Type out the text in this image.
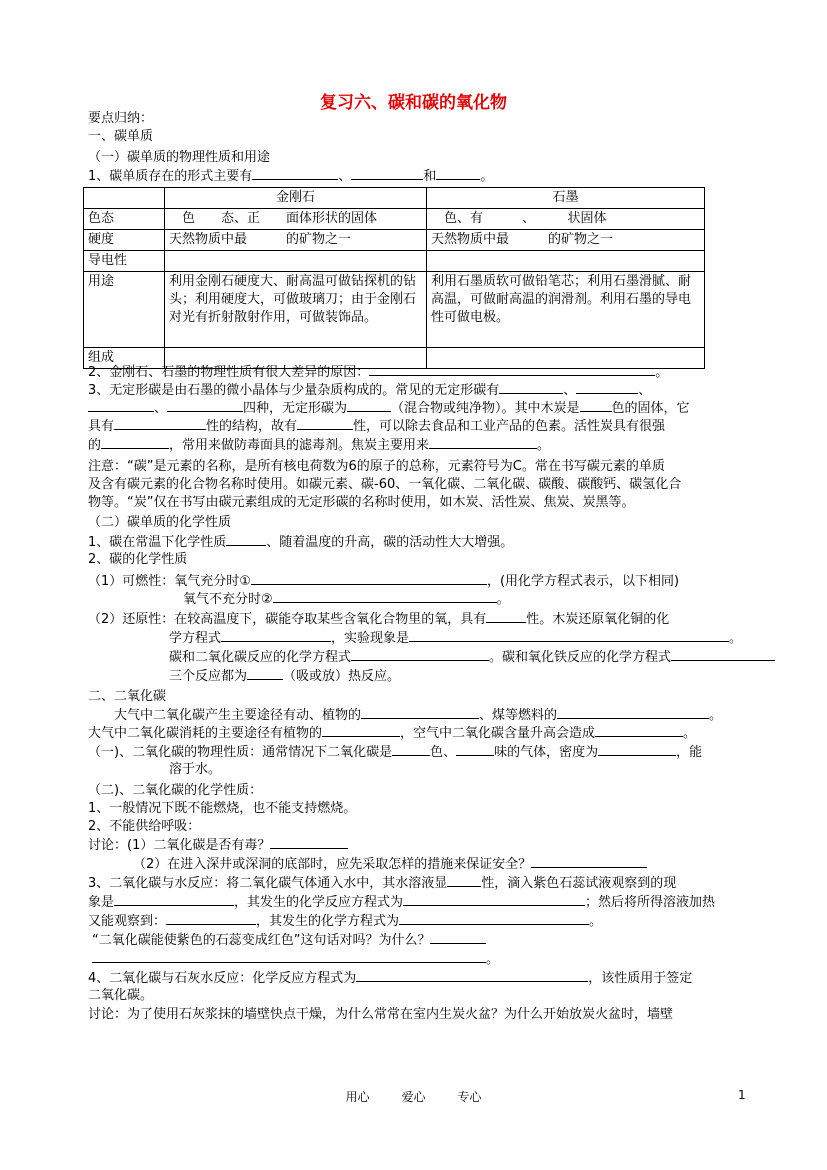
复习六、碳和碳的氧化物
要点归纳：
一、碳单质
（一）碳单质的物理性质和用途
1、碳单质存在的形式主要有	、	和	。
	金刚石	石墨
色态	　色　　态、正　　面体形状的固体	　色、有　　　、　　　状固体
硬度	天然物质中最　　　的矿物之一	天然物质中最　　　的矿物之一
导电性		
用途	利用金刚石硬度大、耐高温可做钻探机的钻头；利用硬度大，可做玻璃刀；由于金刚石对光有折射散射作用，可做装饰品。	利用石墨质软可做铅笔芯；利用石墨滑腻、耐高温，可做耐高温的润滑剂。利用石墨的导电性可做电极。
组成		
2、金刚石、石墨的物理性质有很大差异的原因：	。
3、无定形碳是由石墨的微小晶体与少量杂质构成的。常见的无定形碳有	、	、
、	四种，无定形碳为	（混合物或纯净物）。其中木炭是 色的固体，它
具有	性的结构，故有	性，可以除去食品和工业产品的色素。活性炭具有很强
的	，常用来做防毒面具的滤毒剂。焦炭主要用来	。
注意：“碳”是元素的名称，是所有核电荷数为6的原子的总称，元素符号为C。常在书写碳元素的单质
及含有碳元素的化合物名称时使用。如碳元素、碳-60、一氧化碳、二氧化碳、碳酸、碳酸钙、碳氢化合
物等。“炭”仅在书写由碳元素组成的无定形碳的名称时使用，如木炭、活性炭、焦炭、炭黑等。
（二）碳单质的化学性质
1、碳在常温下化学性质	、随着温度的升高，碳的活动性大大增强。
2、碳的化学性质
（1）可燃性：氧气充分时①	，(用化学方程式表示，以下相同)
氧气不充分时②	。
（2）还原性：在较高温度下，碳能夺取某些含氧化合物里的氧，具有	性。木炭还原氧化铜的化
学方程式	，实验现象是	。
碳和二氧化碳反应的化学方程式	。碳和氧化铁反应的化学方程式
三个反应都为	（吸或放）热反应。
二、二氧化碳
大气中二氧化碳产生主要途径有动、植物的	、煤等燃料的	。
大气中二氧化碳消耗的主要途径有植物的	，空气中二氧化碳含量升高会造成	。
（一)、二氧化碳的物理性质：通常情况下二氧化碳是	色、	味的气体，密度为	，能
溶于水。
（二)、二氧化碳的化学性质：
1、一般情况下既不能燃烧，也不能支持燃烧。
2、不能供给呼吸：
讨论：(1）二氧化碳是否有毒？
（2）在进入深井或深洞的底部时，应先采取怎样的措施来保证安全？
3、二氧化碳与水反应：将二氧化碳气体通入水中，其水溶液显	性，滴入紫色石蕊试液观察到的现
象是	，其发生的化学反应方程式为	；然后将所得溶液加热
又能观察到：	，其发生的化学方程式为	。
“二氧化碳能使紫色的石蕊变成红色”这句话对吗？为什么？
。
4、二氧化碳与石灰水反应：化学反应方程式为	，该性质用于签定
二氧化碳。
讨论：为了使用石灰浆抹的墙壁快点干燥，为什么常常在室内生炭火盆？为什么开始放炭火盆时，墙壁
用心	爱心	专心	1
